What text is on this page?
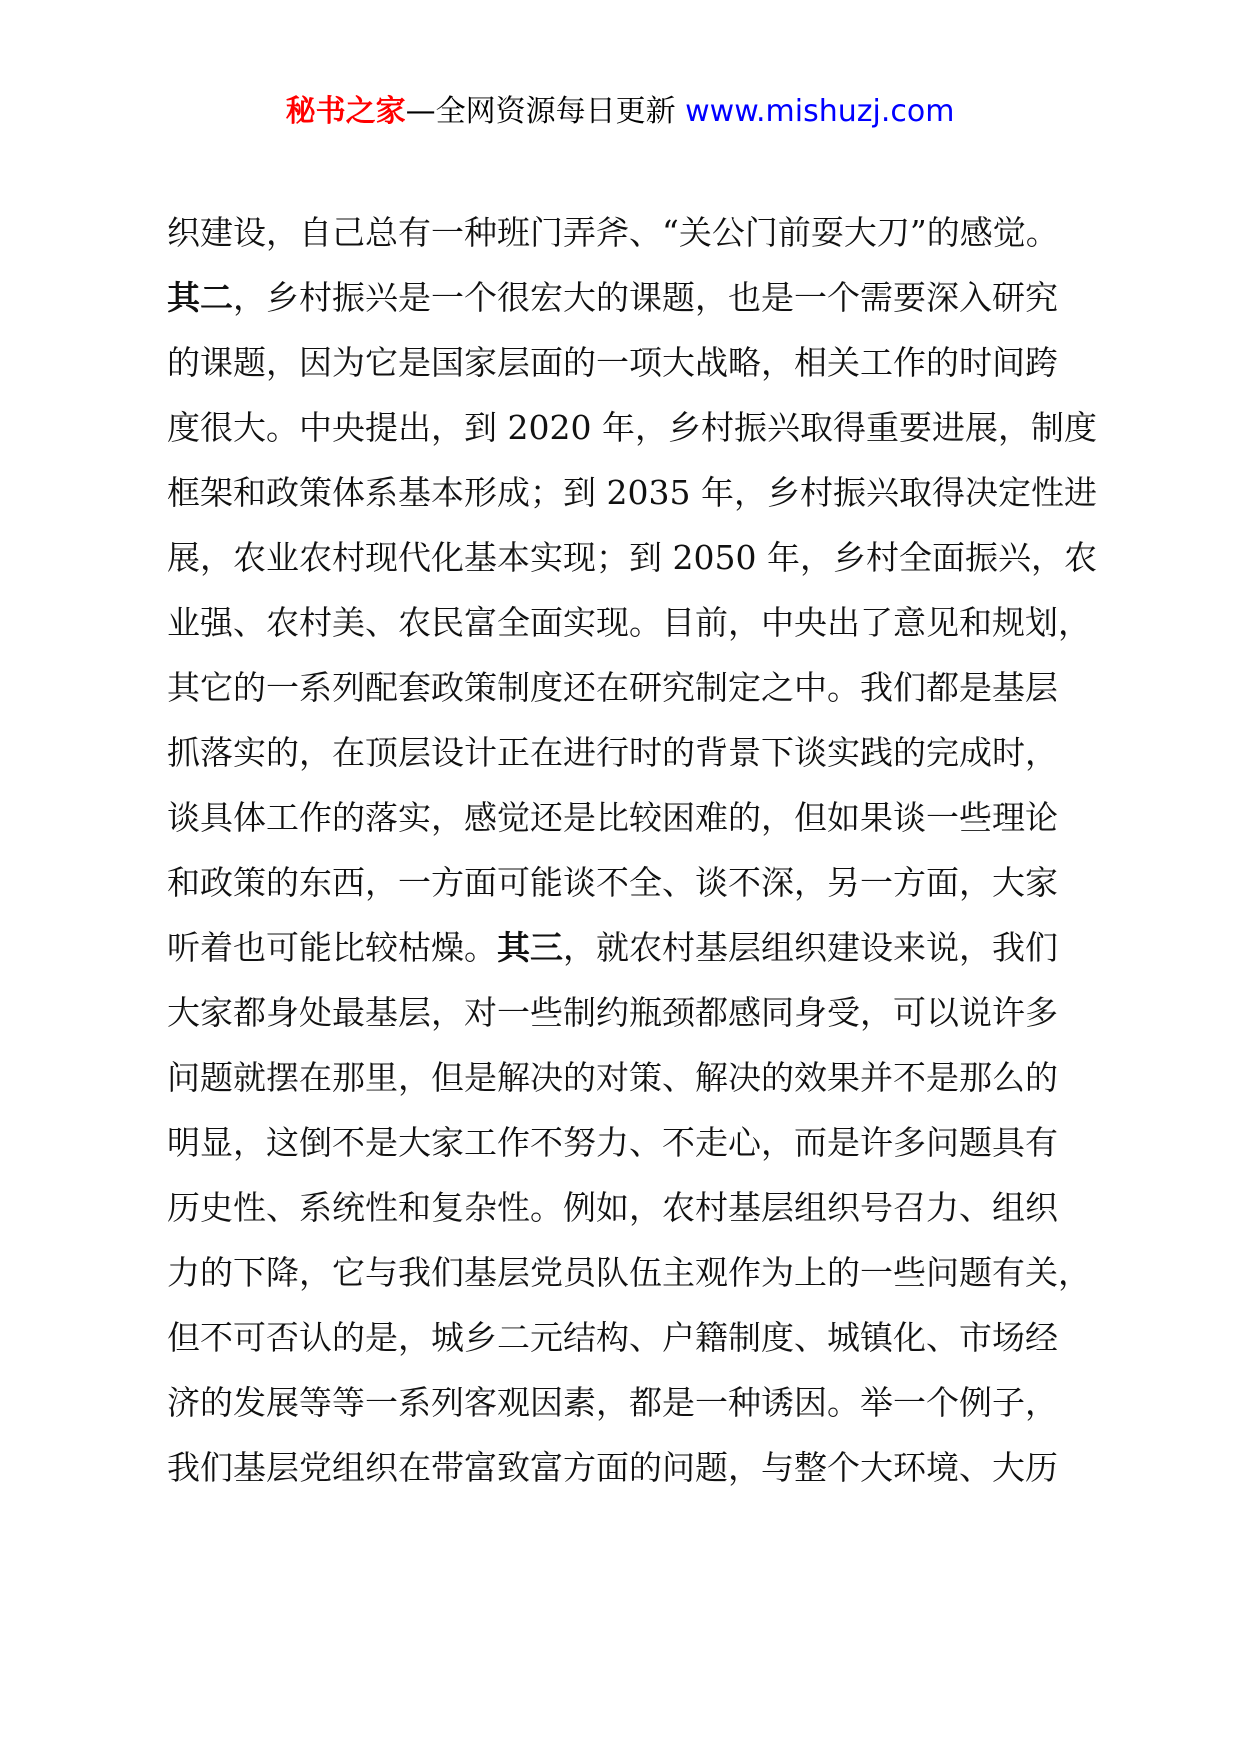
秘书之家—全网资源每日更新 www.mishuzj.com
织建设，自己总有一种班门弄斧、“关公门前耍大刀”的感觉。
其二，乡村振兴是一个很宏大的课题，也是一个需要深入研究
的课题，因为它是国家层面的一项大战略，相关工作的时间跨
度很大。中央提出，到 2020 年，乡村振兴取得重要进展，制度
框架和政策体系基本形成；到 2035 年，乡村振兴取得决定性进
展，农业农村现代化基本实现；到 2050 年，乡村全面振兴，农
业强、农村美、农民富全面实现。目前，中央出了意见和规划，
其它的一系列配套政策制度还在研究制定之中。我们都是基层
抓落实的，在顶层设计正在进行时的背景下谈实践的完成时，
谈具体工作的落实，感觉还是比较困难的，但如果谈一些理论
和政策的东西，一方面可能谈不全、谈不深，另一方面，大家
听着也可能比较枯燥。其三，就农村基层组织建设来说，我们
大家都身处最基层，对一些制约瓶颈都感同身受，可以说许多
问题就摆在那里，但是解决的对策、解决的效果并不是那么的
明显，这倒不是大家工作不努力、不走心，而是许多问题具有
历史性、系统性和复杂性。例如，农村基层组织号召力、组织
力的下降，它与我们基层党员队伍主观作为上的一些问题有关，
但不可否认的是，城乡二元结构、户籍制度、城镇化、市场经
济的发展等等一系列客观因素，都是一种诱因。举一个例子，
我们基层党组织在带富致富方面的问题，与整个大环境、大历
